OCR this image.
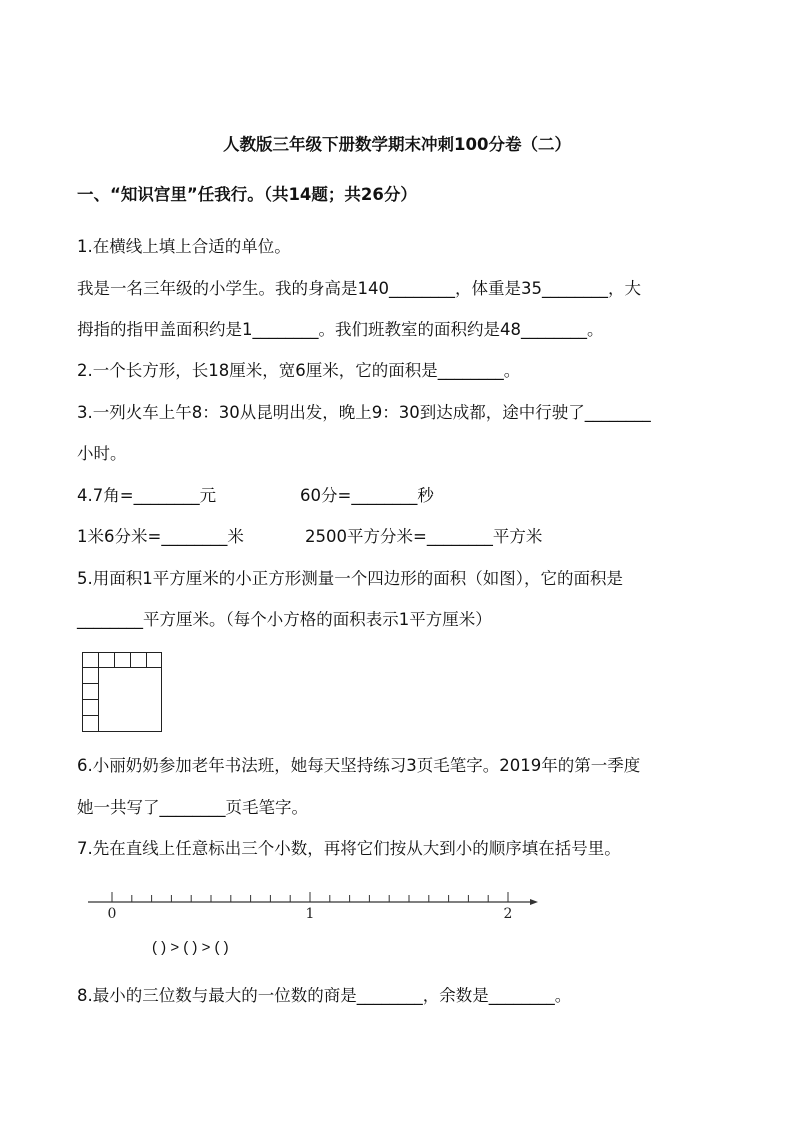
人教版三年级下册数学期末冲刺100分卷（二）
一、“知识宫里”任我行。（共14题；共26分）
1.在横线上填上合适的单位。
我是一名三年级的小学生。我的身高是140________，体重是35________，大
拇指的指甲盖面积约是1________。我们班教室的面积约是48________。
2.一个长方形，长18厘米，宽6厘米，它的面积是________。
3.一列火车上午8：30从昆明出发，晚上9：30到达成都，途中行驶了________
小时。
4.7角=________元	60分=________秒
1米6分米=________米	2500平方分米=________平方米
5.用面积1平方厘米的小正方形测量一个四边形的面积（如图），它的面积是
________平方厘米。（每个小方格的面积表示1平方厘米）
6.小丽奶奶参加老年书法班，她每天坚持练习3页毛笔字。2019年的第一季度
她一共写了________页毛笔字。
7.先在直线上任意标出三个小数，再将它们按从大到小的顺序填在括号里。
0	1	2
( ) > ( ) > ( )
8.最小的三位数与最大的一位数的商是________，余数是________。
